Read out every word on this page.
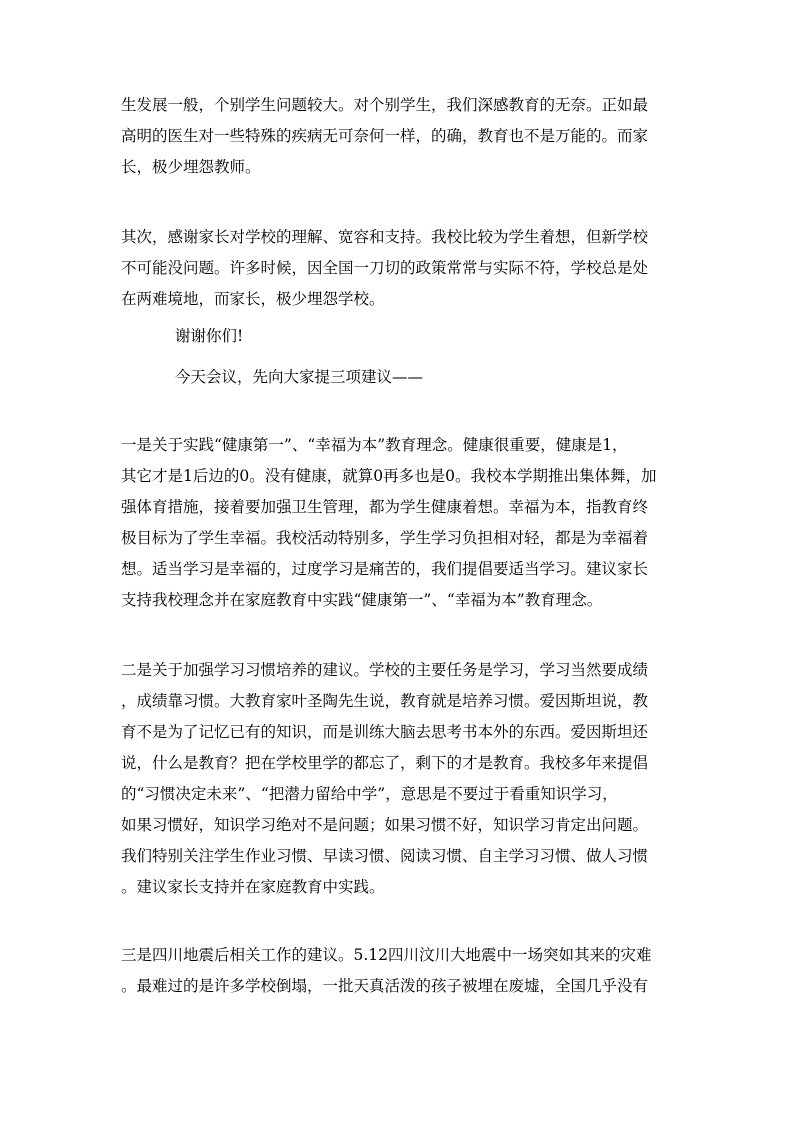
生发展一般，个别学生问题较大。对个别学生，我们深感教育的无奈。正如最
高明的医生对一些特殊的疾病无可奈何一样，的确，教育也不是万能的。而家
长，极少埋怨教师。
其次，感谢家长对学校的理解、宽容和支持。我校比较为学生着想，但新学校
不可能没问题。许多时候，因全国一刀切的政策常常与实际不符，学校总是处
在两难境地，而家长，极少埋怨学校。
谢谢你们!
今天会议，先向大家提三项建议——
一是关于实践“健康第一”、“幸福为本”教育理念。健康很重要，健康是1，
其它才是1后边的0。没有健康，就算0再多也是0。我校本学期推出集体舞，加
强体育措施，接着要加强卫生管理，都为学生健康着想。幸福为本，指教育终
极目标为了学生幸福。我校活动特别多，学生学习负担相对轻，都是为幸福着
想。适当学习是幸福的，过度学习是痛苦的，我们提倡要适当学习。建议家长
支持我校理念并在家庭教育中实践“健康第一”、“幸福为本”教育理念。
二是关于加强学习习惯培养的建议。学校的主要任务是学习，学习当然要成绩
，成绩靠习惯。大教育家叶圣陶先生说，教育就是培养习惯。爱因斯坦说，教
育不是为了记忆已有的知识，而是训练大脑去思考书本外的东西。爱因斯坦还
说，什么是教育？把在学校里学的都忘了，剩下的才是教育。我校多年来提倡
的“习惯决定未来”、“把潜力留给中学”，意思是不要过于看重知识学习，
如果习惯好，知识学习绝对不是问题；如果习惯不好，知识学习肯定出问题。
我们特别关注学生作业习惯、早读习惯、阅读习惯、自主学习习惯、做人习惯
。建议家长支持并在家庭教育中实践。
三是四川地震后相关工作的建议。5.12四川汶川大地震中一场突如其来的灾难
。最难过的是许多学校倒塌，一批天真活泼的孩子被埋在废墟，全国几乎没有
